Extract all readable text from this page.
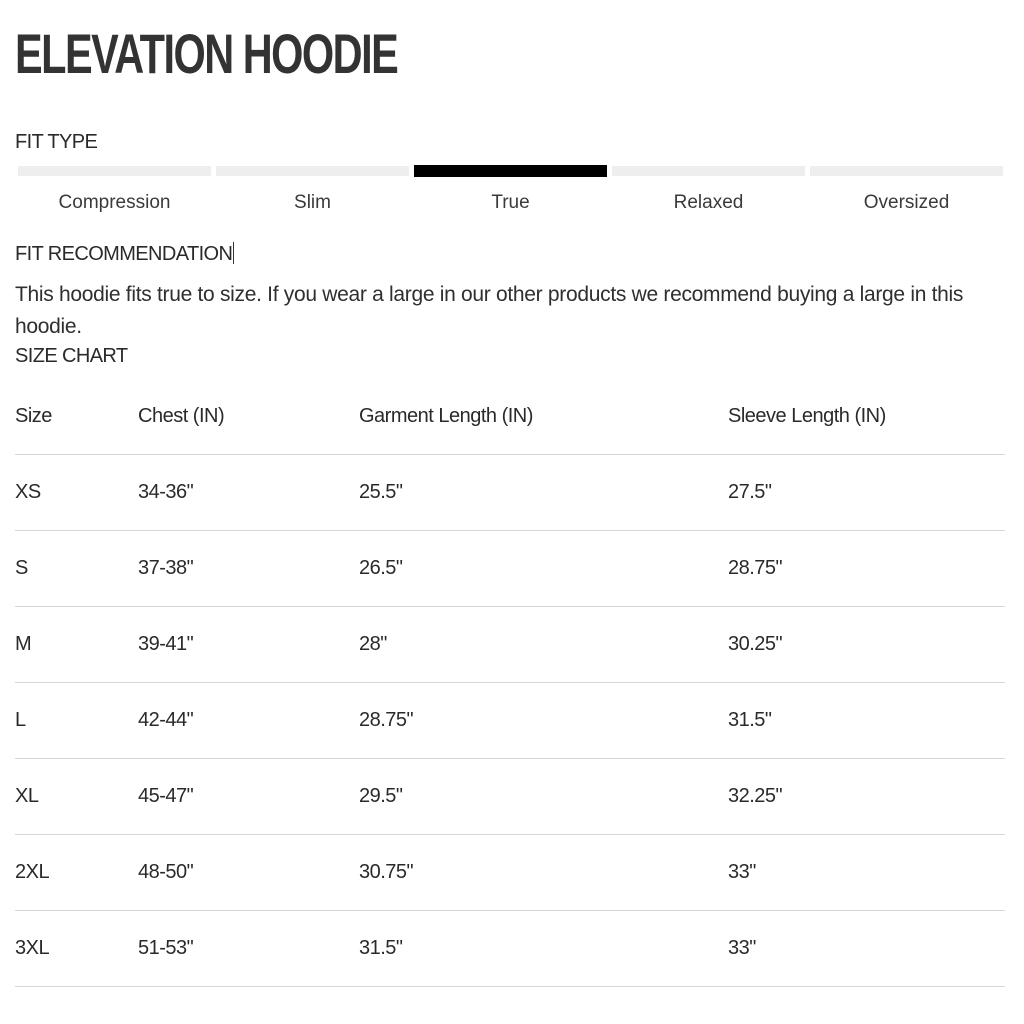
ELEVATION HOODIE
FIT TYPE
Compression	Slim	True	Relaxed	Oversized
FIT RECOMMENDATION

This hoodie fits true to size. If you wear a large in our other products we recommend buying a large in this hoodie.

SIZE CHART
Size	Chest (IN)	Garment Length (IN)	Sleeve Length (IN)
XS	34-36"	25.5"	27.5"
S	37-38"	26.5"	28.75"
M	39-41"	28"	30.25"
L	42-44"	28.75"	31.5"
XL	45-47"	29.5"	32.25"
2XL	48-50"	30.75"	33"
3XL	51-53"	31.5"	33"
